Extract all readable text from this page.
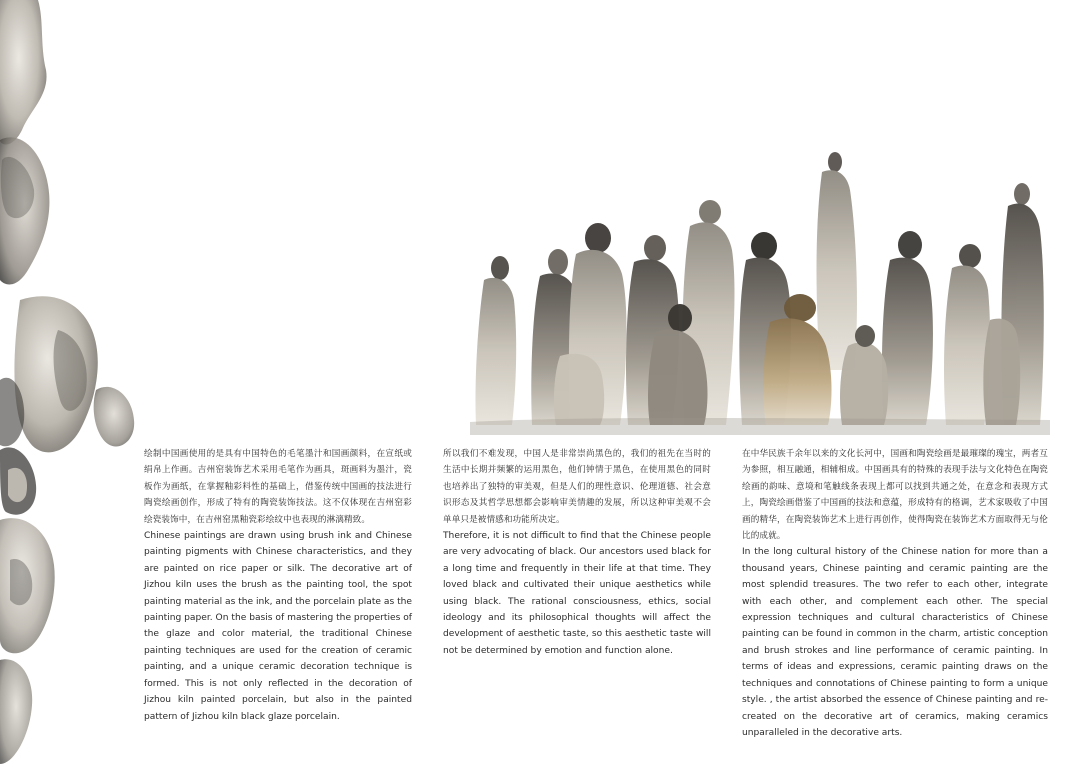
绘制中国画使用的是具有中国特色的毛笔墨汁和国画颜料，在宣纸或绢帛上作画。吉州窑装饰艺术采用毛笔作为画具，斑画料为墨汁，瓷板作为画纸，在掌握釉彩料性的基础上，借鉴传统中国画的技法进行陶瓷绘画创作，形成了特有的陶瓷装饰技法。这不仅体现在吉州窑彩绘瓷装饰中，在吉州窑黑釉瓷彩绘纹中也表现的淋漓精致。

Chinese paintings are drawn using brush ink and Chinese painting pigments with Chinese characteristics, and they are painted on rice paper or silk. The decorative art of Jizhou kiln uses the brush as the painting tool, the spot painting material as the ink, and the porcelain plate as the painting paper. On the basis of mastering the properties of the glaze and color material, the traditional Chinese painting techniques are used for the creation of ceramic painting, and a unique ceramic decoration technique is formed. This is not only reflected in the decoration of Jizhou kiln painted porcelain, but also in the painted pattern of Jizhou kiln black glaze porcelain.

所以我们不难发现，中国人是非常崇尚黑色的，我们的祖先在当时的生活中长期并频繁的运用黑色，他们钟情于黑色，在使用黑色的同时也培养出了独特的审美观，但是人们的理性意识、伦理道德、社会意识形态及其哲学思想都会影响审美情趣的发展，所以这种审美观不会单单只是被情感和功能所决定。

Therefore, it is not difficult to find that the Chinese people are very advocating of black. Our ancestors used black for a long time and frequently in their life at that time. They loved black and cultivated their unique aesthetics while using black. The rational consciousness, ethics, social ideology and its philosophical thoughts will affect the development of aesthetic taste, so this aesthetic taste will not be determined by emotion and function alone.

在中华民族千余年以来的文化长河中，国画和陶瓷绘画是最璀璨的瑰宝，两者互为参照，相互融通，相辅相成。中国画具有的特殊的表现手法与文化特色在陶瓷绘画的韵味、意境和笔触线条表现上都可以找到共通之处，在意念和表现方式上，陶瓷绘画借鉴了中国画的技法和意蕴，形成特有的格调，艺术家吸收了中国画的精华，在陶瓷装饰艺术上进行再创作，使得陶瓷在装饰艺术方面取得无与伦比的成就。

In the long cultural history of the Chinese nation for more than a thousand years, Chinese painting and ceramic painting are the most splendid treasures. The two refer to each other, integrate with each other, and complement each other. The special expression techniques and cultural characteristics of Chinese painting can be found in common in the charm, artistic conception and brush strokes and line performance of ceramic painting. In terms of ideas and expressions, ceramic painting draws on the techniques and connotations of Chinese painting to form a unique style. , the artist absorbed the essence of Chinese painting and re-created on the decorative art of ceramics, making ceramics unparalleled in the decorative arts.
